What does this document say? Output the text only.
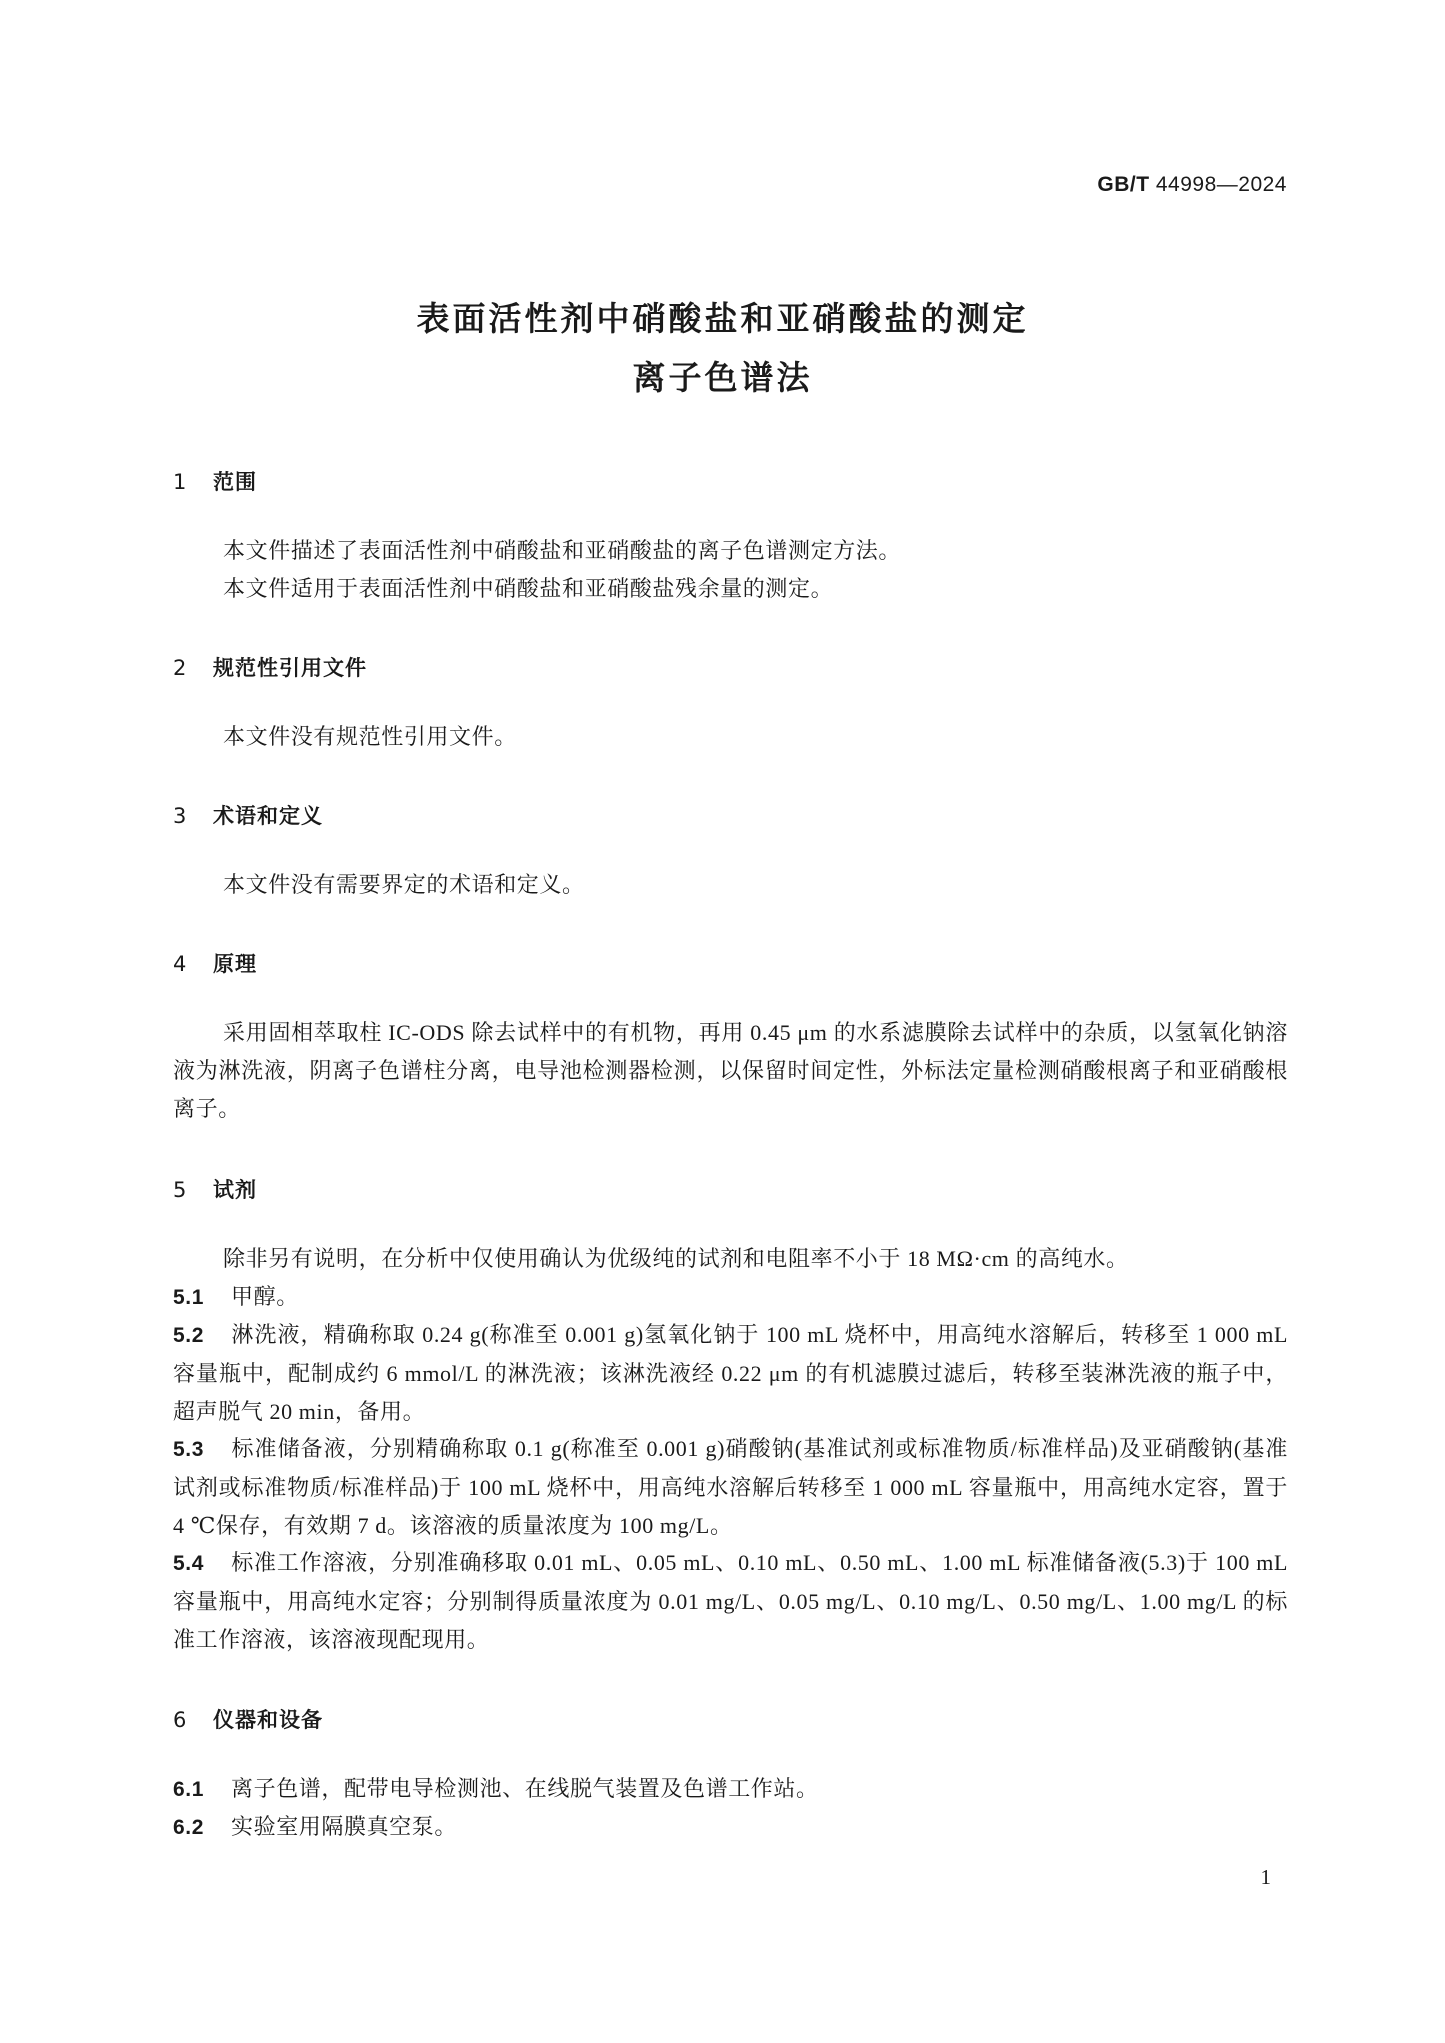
GB/T 44998—2024
表面活性剂中硝酸盐和亚硝酸盐的测定
离子色谱法
1 范围
本文件描述了表面活性剂中硝酸盐和亚硝酸盐的离子色谱测定方法。
本文件适用于表面活性剂中硝酸盐和亚硝酸盐残余量的测定。
2 规范性引用文件
本文件没有规范性引用文件。
3 术语和定义
本文件没有需要界定的术语和定义。
4 原理
采用固相萃取柱 IC-ODS 除去试样中的有机物，再用 0.45 μm 的水系滤膜除去试样中的杂质，以氢氧化钠溶液为淋洗液，阴离子色谱柱分离，电导池检测器检测，以保留时间定性，外标法定量检测硝酸根离子和亚硝酸根离子。
5 试剂
除非另有说明，在分析中仅使用确认为优级纯的试剂和电阻率不小于 18 MΩ·cm 的高纯水。
5.1 甲醇。
5.2 淋洗液，精确称取 0.24 g(称准至 0.001 g)氢氧化钠于 100 mL 烧杯中，用高纯水溶解后，转移至 1 000 mL 容量瓶中，配制成约 6 mmol/L 的淋洗液；该淋洗液经 0.22 μm 的有机滤膜过滤后，转移至装淋洗液的瓶子中，超声脱气 20 min，备用。
5.3 标准储备液，分别精确称取 0.1 g(称准至 0.001 g)硝酸钠(基准试剂或标准物质/标准样品)及亚硝酸钠(基准试剂或标准物质/标准样品)于 100 mL 烧杯中，用高纯水溶解后转移至 1 000 mL 容量瓶中，用高纯水定容，置于 4 ℃保存，有效期 7 d。该溶液的质量浓度为 100 mg/L。
5.4 标准工作溶液，分别准确移取 0.01 mL、0.05 mL、0.10 mL、0.50 mL、1.00 mL 标准储备液(5.3)于 100 mL 容量瓶中，用高纯水定容；分别制得质量浓度为 0.01 mg/L、0.05 mg/L、0.10 mg/L、0.50 mg/L、1.00 mg/L 的标准工作溶液，该溶液现配现用。
6 仪器和设备
6.1 离子色谱，配带电导检测池、在线脱气装置及色谱工作站。
6.2 实验室用隔膜真空泵。
1
